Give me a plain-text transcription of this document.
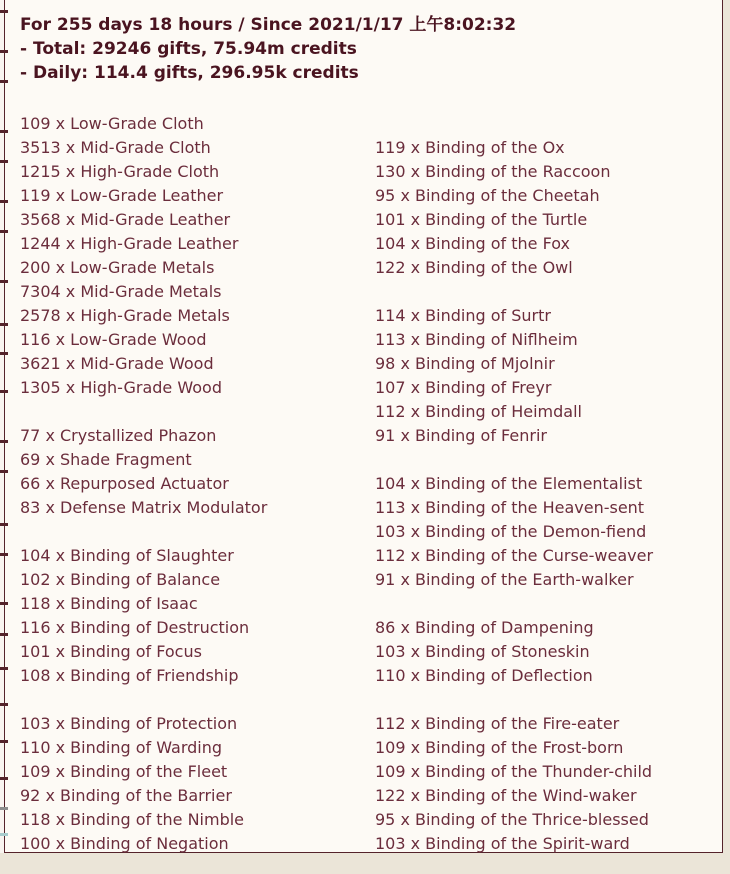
For 255 days 18 hours / Since 2021/1/17 上午8:02:32
- Total: 29246 gifts, 75.94m credits
- Daily: 114.4 gifts, 296.95k credits
109 x Low-Grade Cloth
3513 x Mid-Grade Cloth	119 x Binding of the Ox
1215 x High-Grade Cloth	130 x Binding of the Raccoon
119 x Low-Grade Leather	95 x Binding of the Cheetah
3568 x Mid-Grade Leather	101 x Binding of the Turtle
1244 x High-Grade Leather	104 x Binding of the Fox
200 x Low-Grade Metals	122 x Binding of the Owl
7304 x Mid-Grade Metals
2578 x High-Grade Metals	114 x Binding of Surtr
116 x Low-Grade Wood	113 x Binding of Niflheim
3621 x Mid-Grade Wood	98 x Binding of Mjolnir
1305 x High-Grade Wood	107 x Binding of Freyr
112 x Binding of Heimdall
77 x Crystallized Phazon	91 x Binding of Fenrir
69 x Shade Fragment
66 x Repurposed Actuator	104 x Binding of the Elementalist
83 x Defense Matrix Modulator	113 x Binding of the Heaven-sent
103 x Binding of the Demon-fiend
104 x Binding of Slaughter	112 x Binding of the Curse-weaver
102 x Binding of Balance	91 x Binding of the Earth-walker
118 x Binding of Isaac
116 x Binding of Destruction	86 x Binding of Dampening
101 x Binding of Focus	103 x Binding of Stoneskin
108 x Binding of Friendship	110 x Binding of Deflection
103 x Binding of Protection	112 x Binding of the Fire-eater
110 x Binding of Warding	109 x Binding of the Frost-born
109 x Binding of the Fleet	109 x Binding of the Thunder-child
92 x Binding of the Barrier	122 x Binding of the Wind-waker
118 x Binding of the Nimble	95 x Binding of the Thrice-blessed
100 x Binding of Negation	103 x Binding of the Spirit-ward
